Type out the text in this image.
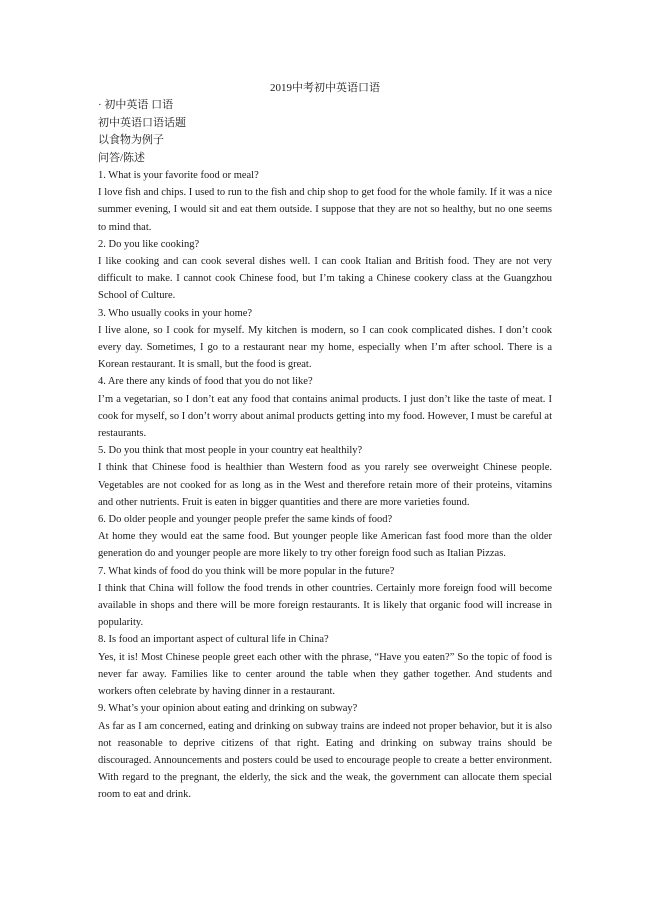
2019中考初中英语口语

· 初中英语 口语

初中英语口语话题

以食物为例子

问答/陈述

1. What is your favorite food or meal?

I love fish and chips. I used to run to the fish and chip shop to get food for the whole family. If it was a nice summer evening, I would sit and eat them outside. I suppose that they are not so healthy, but no one seems to mind that.

2. Do you like cooking?

I like cooking and can cook several dishes well. I can cook Italian and British food. They are not very difficult to make. I cannot cook Chinese food, but I’m taking a Chinese cookery class at the Guangzhou School of Culture.

3. Who usually cooks in your home?

I live alone, so I cook for myself. My kitchen is modern, so I can cook complicated dishes. I don’t cook every day. Sometimes, I go to a restaurant near my home, especially when I’m after school. There is a Korean restaurant. It is small, but the food is great.

4. Are there any kinds of food that you do not like?

I’m a vegetarian, so I don’t eat any food that contains animal products. I just don’t like the taste of meat. I cook for myself, so I don’t worry about animal products getting into my food. However, I must be careful at restaurants.

5. Do you think that most people in your country eat healthily?

I think that Chinese food is healthier than Western food as you rarely see overweight Chinese people. Vegetables are not cooked for as long as in the West and therefore retain more of their proteins, vitamins and other nutrients. Fruit is eaten in bigger quantities and there are more varieties found.

6. Do older people and younger people prefer the same kinds of food?

At home they would eat the same food. But younger people like American fast food more than the older generation do and younger people are more likely to try other foreign food such as Italian Pizzas.

7. What kinds of food do you think will be more popular in the future?

I think that China will follow the food trends in other countries. Certainly more foreign food will become available in shops and there will be more foreign restaurants. It is likely that organic food will increase in popularity.

8. Is food an important aspect of cultural life in China?

Yes, it is! Most Chinese people greet each other with the phrase, “Have you eaten?” So the topic of food is never far away. Families like to center around the table when they gather together. And students and workers often celebrate by having dinner in a restaurant.

9. What’s your opinion about eating and drinking on subway?

As far as I am concerned, eating and drinking on subway trains are indeed not proper behavior, but it is also not reasonable to deprive citizens of that right. Eating and drinking on subway trains should be discouraged. Announcements and posters could be used to encourage people to create a better environment. With regard to the pregnant, the elderly, the sick and the weak, the government can allocate them special room to eat and drink.
